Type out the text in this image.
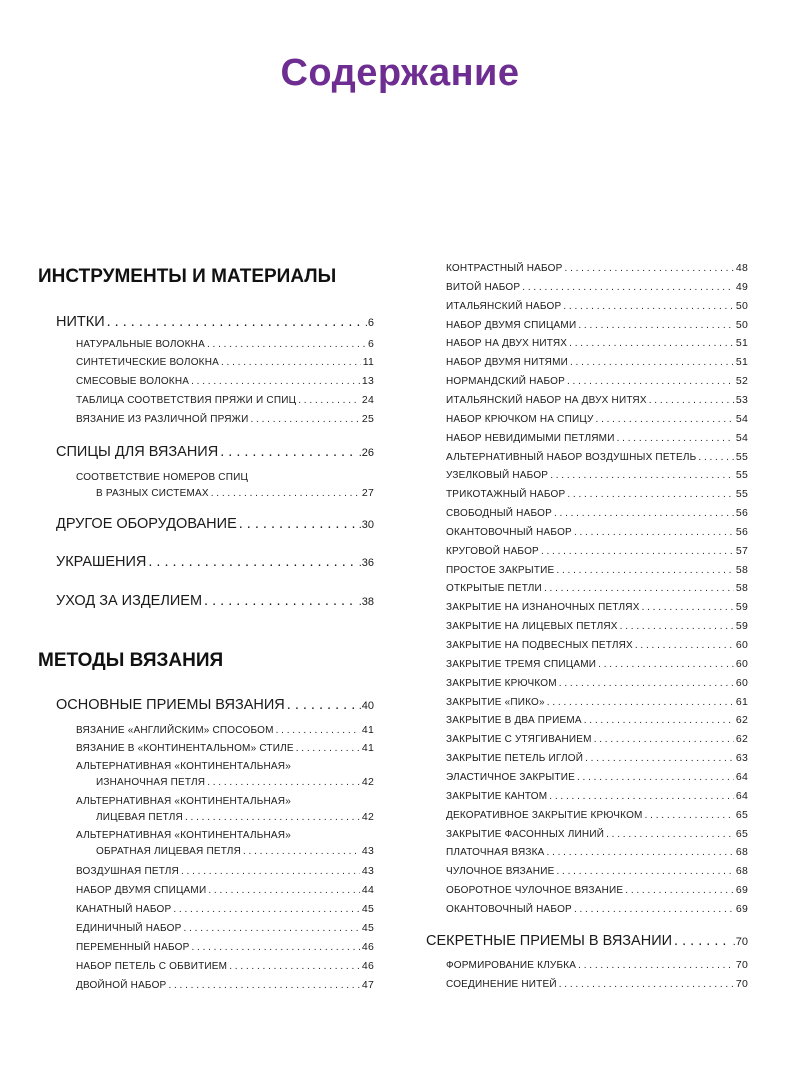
Содержание
ИНСТРУМЕНТЫ И МАТЕРИАЛЫ
НИТКИ . . .	.6
НАТУРАЛЬНЫЕ ВОЛОКНА . . .	6
СИНТЕТИЧЕСКИЕ ВОЛОКНА . . .	11
СМЕСОВЫЕ ВОЛОКНА . . .	13
ТАБЛИЦА СООТВЕТСТВИЯ ПРЯЖИ И СПИЦ . . .	24
ВЯЗАНИЕ ИЗ РАЗЛИЧНОЙ ПРЯЖИ . . .	25
СПИЦЫ ДЛЯ ВЯЗАНИЯ . . .	.26
СООТВЕТСТВИЕ НОМЕРОВ СПИЦ
В РАЗНЫХ СИСТЕМАХ . . .	27
ДРУГОЕ ОБОРУДОВАНИЕ . . .	.30
УКРАШЕНИЯ . . .	.36
УХОД ЗА ИЗДЕЛИЕМ . . .	.38
МЕТОДЫ ВЯЗАНИЯ
ОСНОВНЫЕ ПРИЕМЫ ВЯЗАНИЯ . . .	.40
ВЯЗАНИЕ «АНГЛИЙСКИМ» СПОСОБОМ . . .	41
ВЯЗАНИЕ В «КОНТИНЕНТАЛЬНОМ» СТИЛЕ . . .	41
АЛЬТЕРНАТИВНАЯ «КОНТИНЕНТАЛЬНАЯ»
ИЗНАНОЧНАЯ ПЕТЛЯ . . .	42
АЛЬТЕРНАТИВНАЯ «КОНТИНЕНТАЛЬНАЯ»
ЛИЦЕВАЯ ПЕТЛЯ . . .	42
АЛЬТЕРНАТИВНАЯ «КОНТИНЕНТАЛЬНАЯ»
ОБРАТНАЯ ЛИЦЕВАЯ ПЕТЛЯ . . .	43
ВОЗДУШНАЯ ПЕТЛЯ . . .	43
НАБОР ДВУМЯ СПИЦАМИ . . .	44
КАНАТНЫЙ НАБОР . . .	45
ЕДИНИЧНЫЙ НАБОР . . .	45
ПЕРЕМЕННЫЙ НАБОР . . .	46
НАБОР ПЕТЕЛЬ С ОБВИТИЕМ . . .	46
ДВОЙНОЙ НАБОР . . .	47
КОНТРАСТНЫЙ НАБОР . . .	48
ВИТОЙ НАБОР . . .	49
ИТАЛЬЯНСКИЙ НАБОР . . .	50
НАБОР ДВУМЯ СПИЦАМИ . . .	50
НАБОР НА ДВУХ НИТЯХ . . .	51
НАБОР ДВУМЯ НИТЯМИ . . .	51
НОРМАНДСКИЙ НАБОР . . .	52
ИТАЛЬЯНСКИЙ НАБОР НА ДВУХ НИТЯХ . . .	53
НАБОР КРЮЧКОМ НА СПИЦУ . . .	54
НАБОР НЕВИДИМЫМИ ПЕТЛЯМИ . . .	54
АЛЬТЕРНАТИВНЫЙ НАБОР ВОЗДУШНЫХ ПЕТЕЛЬ . . .	55
УЗЕЛКОВЫЙ НАБОР . . .	55
ТРИКОТАЖНЫЙ НАБОР . . .	55
СВОБОДНЫЙ НАБОР . . .	56
ОКАНТОВОЧНЫЙ НАБОР . . .	56
КРУГОВОЙ НАБОР . . .	57
ПРОСТОЕ ЗАКРЫТИЕ . . .	58
ОТКРЫТЫЕ ПЕТЛИ . . .	58
ЗАКРЫТИЕ НА ИЗНАНОЧНЫХ ПЕТЛЯХ . . .	59
ЗАКРЫТИЕ НА ЛИЦЕВЫХ ПЕТЛЯХ . . .	59
ЗАКРЫТИЕ НА ПОДВЕСНЫХ ПЕТЛЯХ . . .	60
ЗАКРЫТИЕ ТРЕМЯ СПИЦАМИ . . .	60
ЗАКРЫТИЕ КРЮЧКОМ . . .	60
ЗАКРЫТИЕ «ПИКО» . . .	61
ЗАКРЫТИЕ В ДВА ПРИЕМА . . .	62
ЗАКРЫТИЕ С УТЯГИВАНИЕМ . . .	62
ЗАКРЫТИЕ ПЕТЕЛЬ ИГЛОЙ . . .	63
ЭЛАСТИЧНОЕ ЗАКРЫТИЕ . . .	64
ЗАКРЫТИЕ КАНТОМ . . .	64
ДЕКОРАТИВНОЕ ЗАКРЫТИЕ КРЮЧКОМ . . .	65
ЗАКРЫТИЕ ФАСОННЫХ ЛИНИЙ . . .	65
ПЛАТОЧНАЯ ВЯЗКА . . .	68
ЧУЛОЧНОЕ ВЯЗАНИЕ . . .	68
ОБОРОТНОЕ ЧУЛОЧНОЕ ВЯЗАНИЕ . . .	69
ОКАНТОВОЧНЫЙ НАБОР . . .	69
СЕКРЕТНЫЕ ПРИЕМЫ В ВЯЗАНИИ . . .	.70
ФОРМИРОВАНИЕ КЛУБКА . . .	70
СОЕДИНЕНИЕ НИТЕЙ . . .	70
